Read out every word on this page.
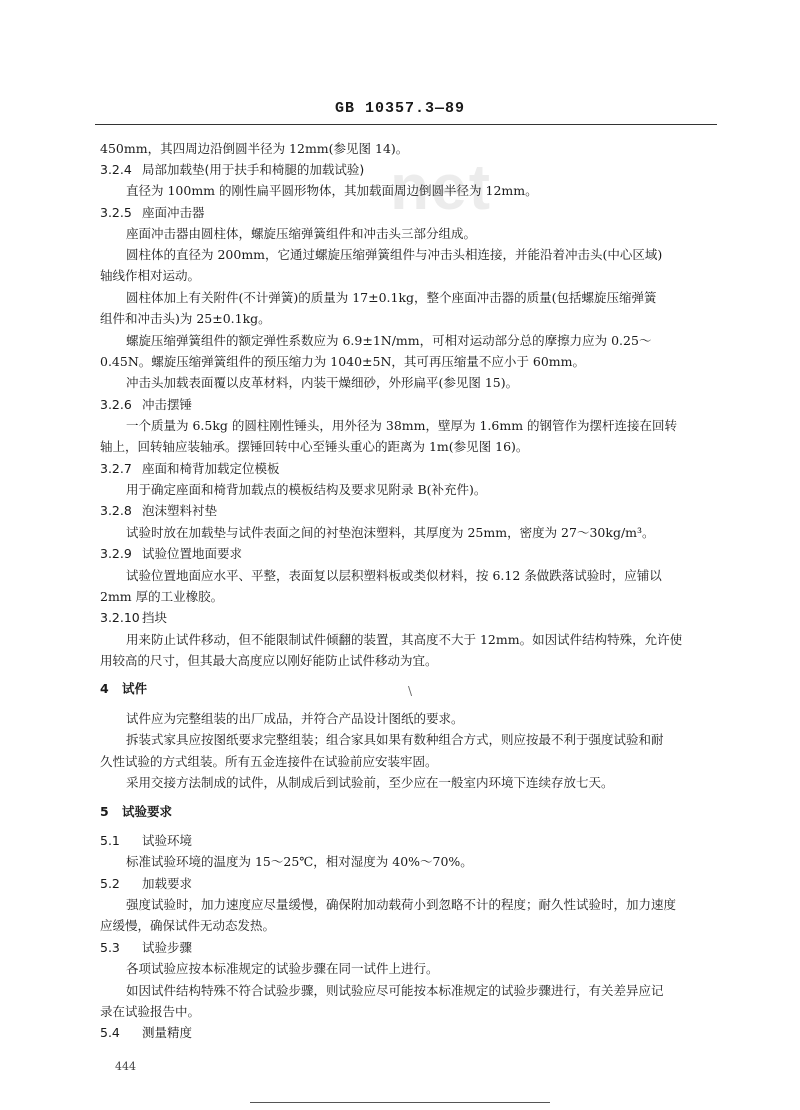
GB 10357.3—89
net
450mm，其四周边沿倒圆半径为 12mm(参见图 14)。
3.2.4 局部加载垫(用于扶手和椅腿的加载试验)
直径为 100mm 的刚性扁平圆形物体，其加载面周边倒圆半径为 12mm。
3.2.5 座面冲击器
座面冲击器由圆柱体，螺旋压缩弹簧组件和冲击头三部分组成。
圆柱体的直径为 200mm，它通过螺旋压缩弹簧组件与冲击头相连接，并能沿着冲击头(中心区域)
轴线作相对运动。
圆柱体加上有关附件(不计弹簧)的质量为 17±0.1kg，整个座面冲击器的质量(包括螺旋压缩弹簧
组件和冲击头)为 25±0.1kg。
螺旋压缩弹簧组件的额定弹性系数应为 6.9±1N/mm，可相对运动部分总的摩擦力应为 0.25～
0.45N。螺旋压缩弹簧组件的预压缩力为 1040±5N，其可再压缩量不应小于 60mm。
冲击头加载表面覆以皮革材料，内装干燥细砂，外形扁平(参见图 15)。
3.2.6 冲击摆锤
一个质量为 6.5kg 的圆柱刚性锤头，用外径为 38mm，壁厚为 1.6mm 的钢管作为摆杆连接在回转
轴上，回转轴应装轴承。摆锤回转中心至锤头重心的距离为 1m(参见图 16)。
3.2.7 座面和椅背加载定位模板
用于确定座面和椅背加载点的模板结构及要求见附录 B(补充件)。
3.2.8 泡沫塑料衬垫
试验时放在加载垫与试件表面之间的衬垫泡沫塑料，其厚度为 25mm，密度为 27～30kg/m³。
3.2.9 试验位置地面要求
试验位置地面应水平、平整，表面复以层积塑料板或类似材料，按 6.12 条做跌落试验时，应铺以
2mm 厚的工业橡胶。
3.2.10 挡块
用来防止试件移动，但不能限制试件倾翻的装置，其高度不大于 12mm。如因试件结构特殊，允许使
用较高的尺寸，但其最大高度应以刚好能防止试件移动为宜。
\
4 试件
试件应为完整组装的出厂成品，并符合产品设计图纸的要求。
拆装式家具应按图纸要求完整组装；组合家具如果有数种组合方式，则应按最不利于强度试验和耐
久性试验的方式组装。所有五金连接件在试验前应安装牢固。
采用交接方法制成的试件，从制成后到试验前，至少应在一般室内环境下连续存放七天。
5 试验要求
5.1 试验环境
标准试验环境的温度为 15～25℃，相对湿度为 40%～70%。
5.2 加载要求
强度试验时，加力速度应尽量缓慢，确保附加动载荷小到忽略不计的程度；耐久性试验时，加力速度
应缓慢，确保试件无动态发热。
5.3 试验步骤
各项试验应按本标准规定的试验步骤在同一试件上进行。
如因试件结构特殊不符合试验步骤，则试验应尽可能按本标准规定的试验步骤进行，有关差异应记
录在试验报告中。
5.4 测量精度
444
